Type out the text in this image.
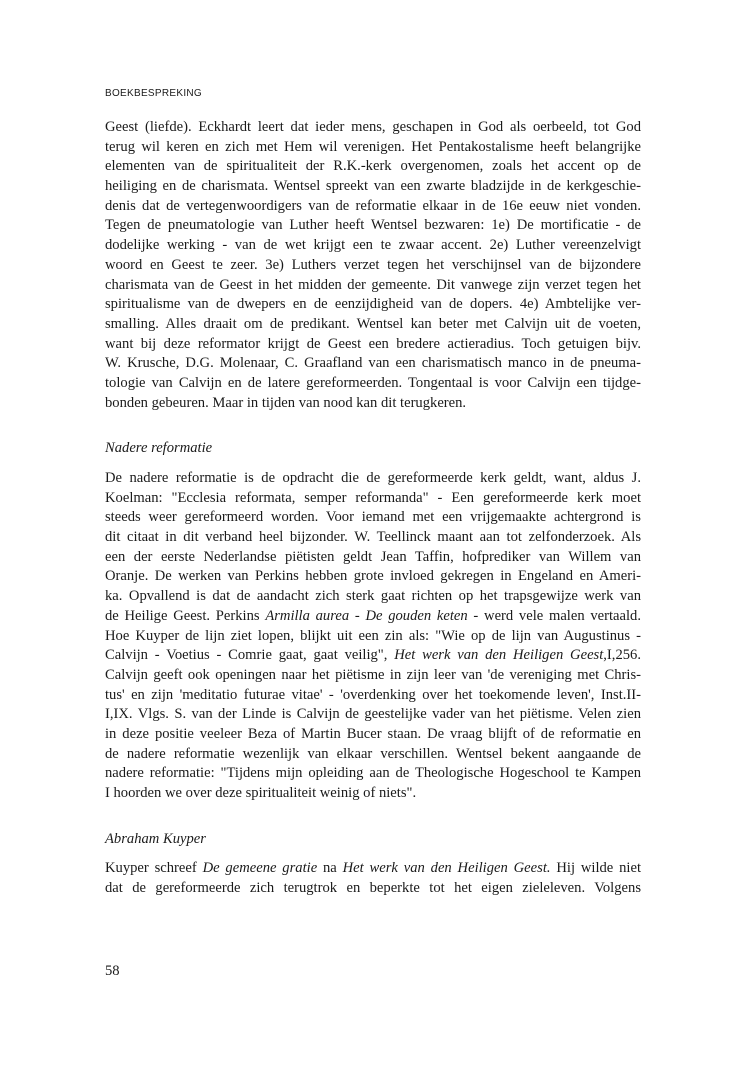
BOEKBESPREKING
Geest (liefde). Eckhardt leert dat ieder mens, geschapen in God als oerbeeld, tot God
terug wil keren en zich met Hem wil verenigen. Het Pentakostalisme heeft belangrijke
elementen van de spiritualiteit der R.K.-kerk overgenomen, zoals het accent op de
heiliging en de charismata. Wentsel spreekt van een zwarte bladzijde in de kerkgeschie-
denis dat de vertegenwoordigers van de reformatie elkaar in de 16e eeuw niet vonden.
Tegen de pneumatologie van Luther heeft Wentsel bezwaren: 1e) De mortificatie - de
dodelijke werking - van de wet krijgt een te zwaar accent. 2e) Luther vereenzelvigt
woord en Geest te zeer. 3e) Luthers verzet tegen het verschijnsel van de bijzondere
charismata van de Geest in het midden der gemeente. Dit vanwege zijn verzet tegen het
spiritualisme van de dwepers en de eenzijdigheid van de dopers. 4e) Ambtelijke ver-
smalling. Alles draait om de predikant. Wentsel kan beter met Calvijn uit de voeten,
want bij deze reformator krijgt de Geest een bredere actieradius. Toch getuigen bijv.
W. Krusche, D.G. Molenaar, C. Graafland van een charismatisch manco in de pneuma-
tologie van Calvijn en de latere gereformeerden. Tongentaal is voor Calvijn een tijdge-
bonden gebeuren. Maar in tijden van nood kan dit terugkeren.
Nadere reformatie
De nadere reformatie is de opdracht die de gereformeerde kerk geldt, want, aldus J.
Koelman: "Ecclesia reformata, semper reformanda" - Een gereformeerde kerk moet
steeds weer gereformeerd worden. Voor iemand met een vrijgemaakte achtergrond is
dit citaat in dit verband heel bijzonder. W. Teellinck maant aan tot zelfonderzoek. Als
een der eerste Nederlandse piëtisten geldt Jean Taffin, hofprediker van Willem van
Oranje. De werken van Perkins hebben grote invloed gekregen in Engeland en Ameri-
ka. Opvallend is dat de aandacht zich sterk gaat richten op het trapsgewijze werk van
de Heilige Geest. Perkins Armilla aurea - De gouden keten - werd vele malen vertaald.
Hoe Kuyper de lijn ziet lopen, blijkt uit een zin als: "Wie op de lijn van Augustinus -
Calvijn - Voetius - Comrie gaat, gaat veilig", Het werk van den Heiligen Geest,I,256.
Calvijn geeft ook openingen naar het piëtisme in zijn leer van 'de vereniging met Chris-
tus' en zijn 'meditatio futurae vitae' - 'overdenking over het toekomende leven', Inst.II-
I,IX. Vlgs. S. van der Linde is Calvijn de geestelijke vader van het piëtisme. Velen zien
in deze positie veeleer Beza of Martin Bucer staan. De vraag blijft of de reformatie en
de nadere reformatie wezenlijk van elkaar verschillen. Wentsel bekent aangaande de
nadere reformatie: "Tijdens mijn opleiding aan de Theologische Hogeschool te Kampen
I hoorden we over deze spiritualiteit weinig of niets".
Abraham Kuyper
Kuyper schreef De gemeene gratie na Het werk van den Heiligen Geest. Hij wilde niet
dat de gereformeerde zich terugtrok en beperkte tot het eigen zieleleven. Volgens
58
